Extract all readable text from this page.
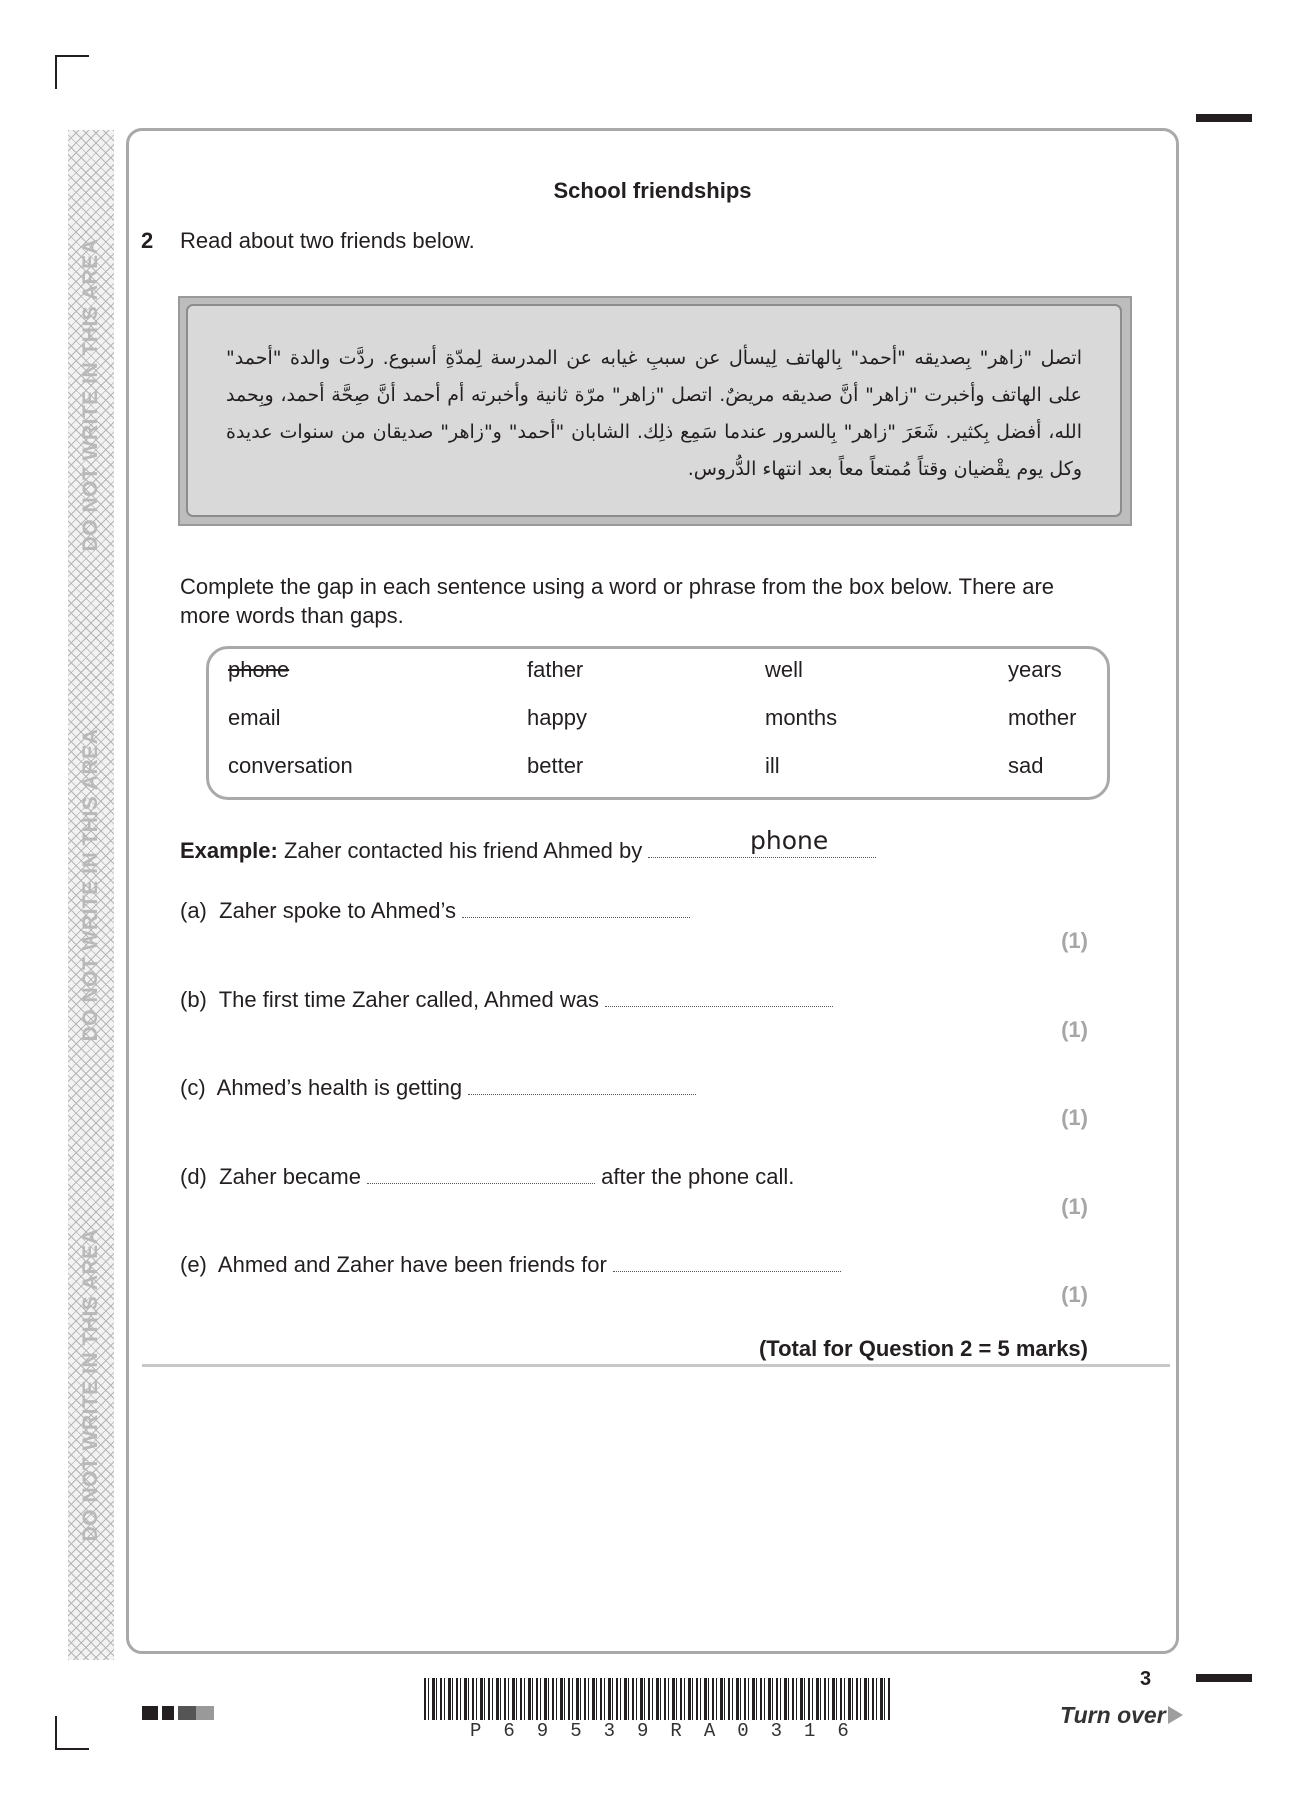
DO NOT WRITE IN THIS AREA
DO NOT WRITE IN THIS AREA
DO NOT WRITE IN THIS AREA
School friendships
2 Read about two friends below.
اتصل "زاهر" بِصديقه "أحمد" بِالهاتف لِيسأل عن سببِ غيابه عن المدرسة لِمدّةِ أسبوع. ردَّت والدة "أحمد" على الهاتف وأخبرت "زاهر" أنَّ صديقه مريضٌ. اتصل "زاهر" مرّة ثانية وأخبرته أم أحمد أنَّ صِحَّة أحمد، وبِحمد الله، أفضل بِكثير. شَعَرَ "زاهر" بِالسرور عندما سَمِع ذلِك. الشابان "أحمد" و"زاهر" صديقان من سنوات عديدة وكل يوم يقْضيان وقتاً مُمتعاً معاً بعد انتهاء الدُّروس.
Complete the gap in each sentence using a word or phrase from the box below. There are more words than gaps.
phone
email
conversation
father
happy
better
well
months
ill
years
mother
sad
Example: Zaher contacted his friend Ahmed by	phone
(a) Zaher spoke to Ahmed’s
(1)
(b) The first time Zaher called, Ahmed was
(1)
(c) Ahmed’s health is getting
(1)
(d) Zaher became	after the phone call.
(1)
(e) Ahmed and Zaher have been friends for
(1)
(Total for Question 2 = 5 marks)
P69539RA0316
3
Turn over
